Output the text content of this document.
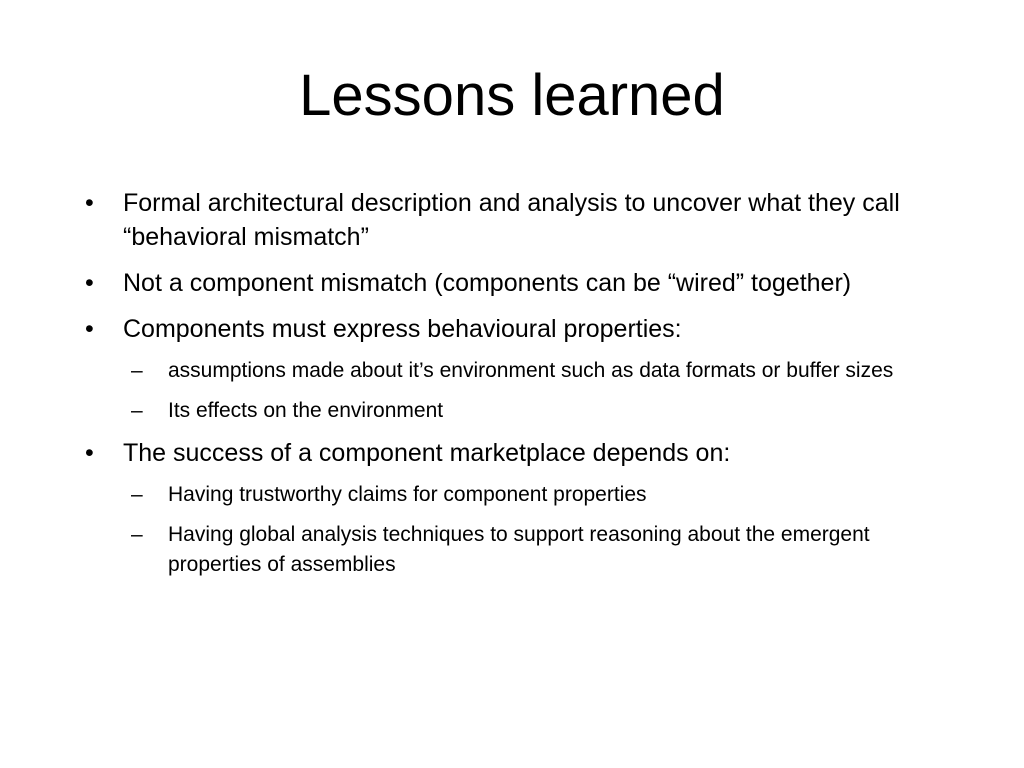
Lessons learned
• Formal architectural description and analysis to uncover what they call “behavioral mismatch”
• Not a component mismatch (components can be “wired” together)
• Components must express behavioural properties:
– assumptions made about it’s environment such as data formats or buffer sizes
– Its effects on the environment
• The success of a component marketplace depends on:
– Having trustworthy claims for component properties
– Having global analysis techniques to support reasoning about the emergent properties of assemblies
